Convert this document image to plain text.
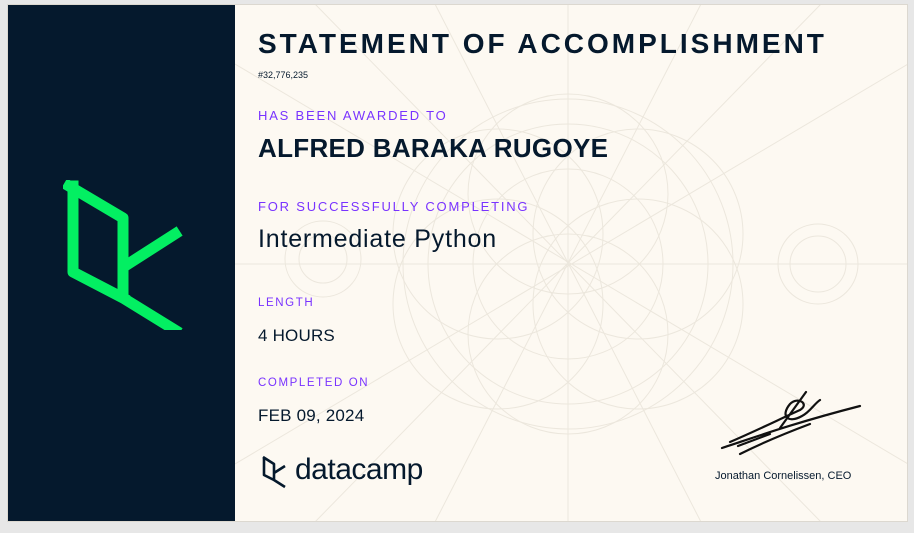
STATEMENT OF ACCOMPLISHMENT
#32,776,235
HAS BEEN AWARDED TO
ALFRED BARAKA RUGOYE
FOR SUCCESSFULLY COMPLETING
Intermediate Python
LENGTH
4 HOURS
COMPLETED ON
FEB 09, 2024
datacamp	Jonathan Cornelissen, CEO
